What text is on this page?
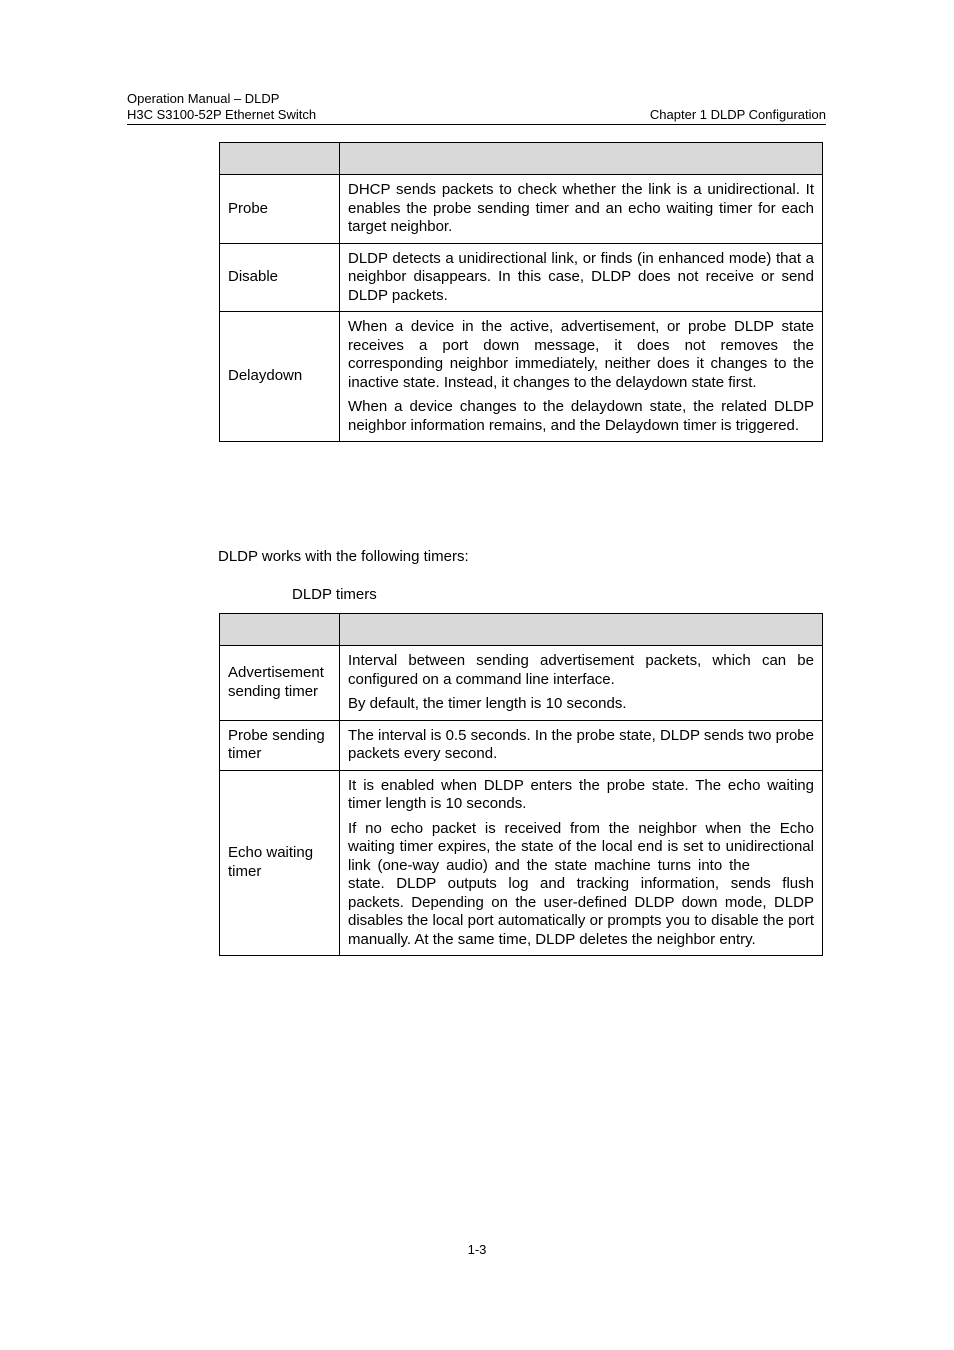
Operation Manual – DLDP
H3C S3100-52P Ethernet Switch	Chapter 1 DLDP Configuration

Probe	DHCP sends packets to check whether the link is a unidirectional. It enables the probe sending timer and an echo waiting timer for each target neighbor.

Disable	DLDP detects a unidirectional link, or finds (in enhanced mode) that a neighbor disappears. In this case, DLDP does not receive or send DLDP packets.

Delaydown	When a device in the active, advertisement, or probe DLDP state receives a port down message, it does not removes the corresponding neighbor immediately, neither does it changes to the inactive state. Instead, it changes to the delaydown state first.

When a device changes to the delaydown state, the related DLDP neighbor information remains, and the Delaydown timer is triggered.

DLDP works with the following timers:
DLDP timers

Advertisement sending timer	Interval between sending advertisement packets, which can be configured on a command line interface.

By default, the timer length is 10 seconds.

Probe sending timer	The interval is 0.5 seconds. In the probe state, DLDP sends two probe packets every second.

Echo waiting timer	It is enabled when DLDP enters the probe state. The echo waiting timer length is 10 seconds.

If no echo packet is received from the neighbor when the Echo waiting timer expires, the state of the local end is set to unidirectional link (one-way audio) and the state machine turns into thestate. DLDP outputs log and tracking information, sends flush packets. Depending on the user-defined DLDP down mode, DLDP disables the local port automatically or prompts you to disable the port manually. At the same time, DLDP deletes the neighbor entry.

1-3
